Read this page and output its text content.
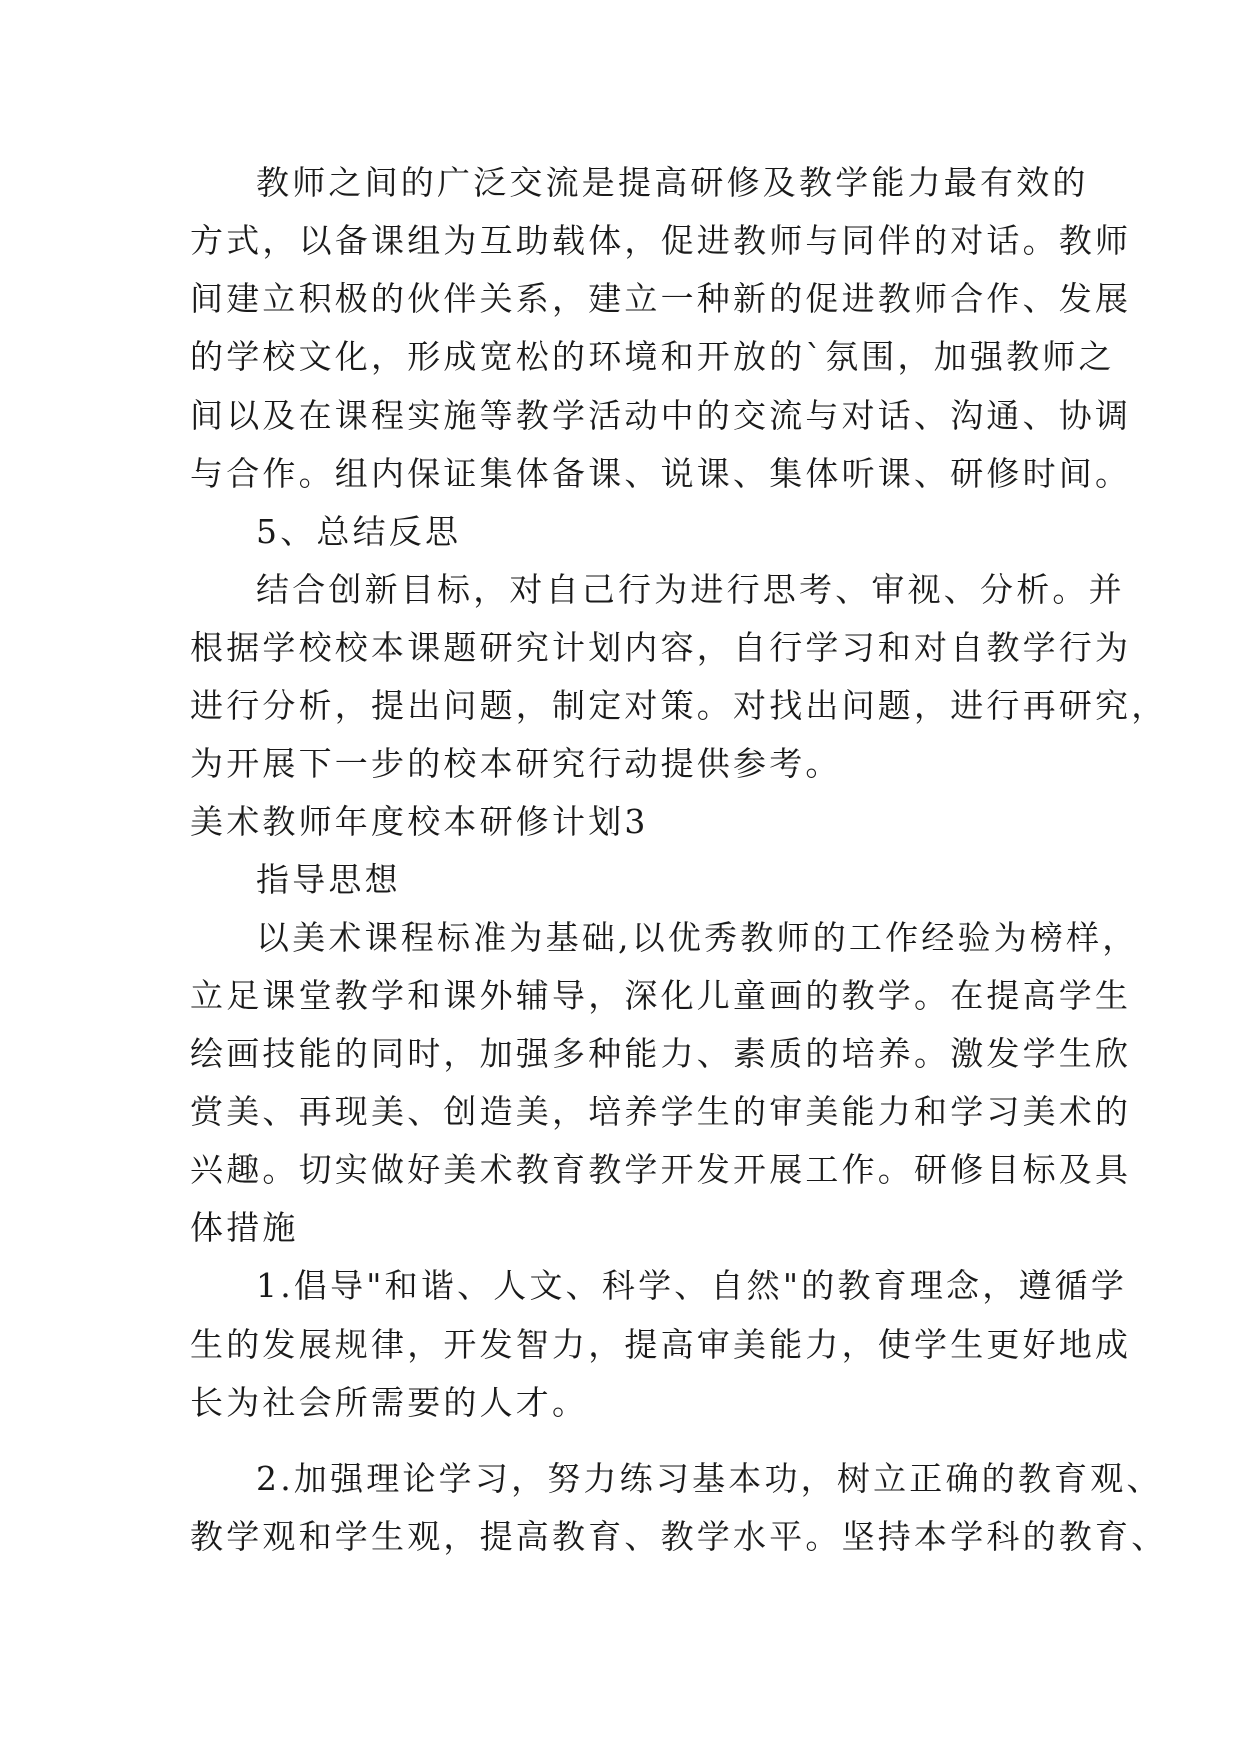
教师之间的广泛交流是提高研修及教学能力最有效的
方式，以备课组为互助载体，促进教师与同伴的对话。教师
间建立积极的伙伴关系，建立一种新的促进教师合作、发展
的学校文化，形成宽松的环境和开放的`氛围，加强教师之
间以及在课程实施等教学活动中的交流与对话、沟通、协调
与合作。组内保证集体备课、说课、集体听课、研修时间。
5、总结反思
结合创新目标，对自己行为进行思考、审视、分析。并
根据学校校本课题研究计划内容，自行学习和对自教学行为
进行分析，提出问题，制定对策。对找出问题，进行再研究，
为开展下一步的校本研究行动提供参考。
美术教师年度校本研修计划3
指导思想
以美术课程标准为基础,以优秀教师的工作经验为榜样，
立足课堂教学和课外辅导，深化儿童画的教学。在提高学生
绘画技能的同时，加强多种能力、素质的培养。激发学生欣
赏美、再现美、创造美，培养学生的审美能力和学习美术的
兴趣。切实做好美术教育教学开发开展工作。研修目标及具
体措施
1.倡导"和谐、人文、科学、自然"的教育理念，遵循学
生的发展规律，开发智力，提高审美能力，使学生更好地成
长为社会所需要的人才。
2.加强理论学习，努力练习基本功，树立正确的教育观、
教学观和学生观，提高教育、教学水平。坚持本学科的教育、
